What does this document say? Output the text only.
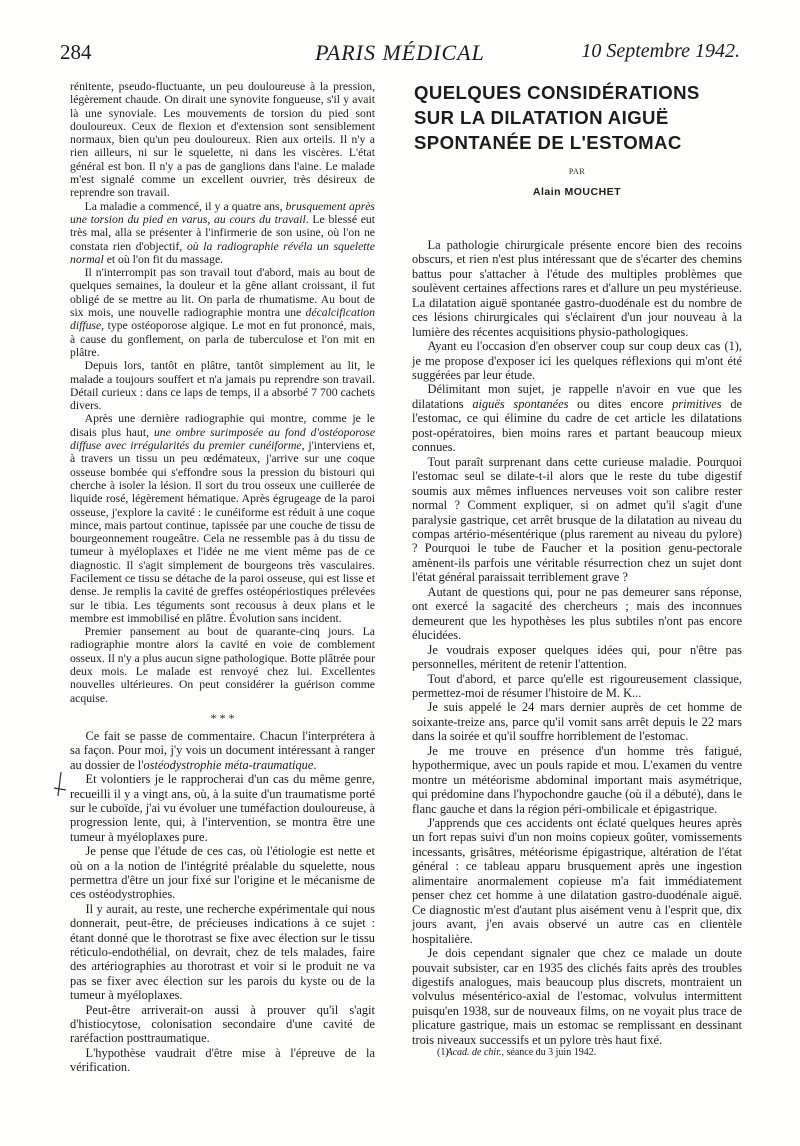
284	PARIS MÉDICAL	10 Septembre 1942.

rénitente, pseudo-fluctuante, un peu douloureuse à la pression, légèrement chaude. On dirait une synovite fongueuse, s'il y avait là une synoviale. Les mouvements de torsion du pied sont douloureux. Ceux de flexion et d'extension sont sensiblement normaux, bien qu'un peu douloureux. Rien aux orteils. Il n'y a rien ailleurs, ni sur le squelette, ni dans les viscères. L'état général est bon. Il n'y a pas de ganglions dans l'aine. Le malade m'est signalé comme un excellent ouvrier, très désireux de reprendre son travail.

La maladie a commencé, il y a quatre ans, brusquement après une torsion du pied en varus, au cours du travail. Le blessé eut très mal, alla se présenter à l'infirmerie de son usine, où l'on ne constata rien d'objectif, où la radiographie révéla un squelette normal et où l'on fit du massage.

Il n'interrompit pas son travail tout d'abord, mais au bout de quelques semaines, la douleur et la gêne allant croissant, il fut obligé de se mettre au lit. On parla de rhumatisme. Au bout de six mois, une nouvelle radiographie montra une décalcification diffuse, type ostéoporose algique. Le mot en fut prononcé, mais, à cause du gonflement, on parla de tuberculose et l'on mit en plâtre.

Depuis lors, tantôt en plâtre, tantôt simplement au lit, le malade a toujours souffert et n'a jamais pu reprendre son travail. Détail curieux : dans ce laps de temps, il a absorbé 7 700 cachets divers.

Après une dernière radiographie qui montre, comme je le disais plus haut, une ombre surimposée au fond d'ostéoporose diffuse avec irrégularités du premier cunéiforme, j'interviens et, à travers un tissu un peu œdémateux, j'arrive sur une coque osseuse bombée qui s'effondre sous la pression du bistouri qui cherche à isoler la lésion. Il sort du trou osseux une cuillerée de liquide rosé, légèrement hématique. Après égrugeage de la paroi osseuse, j'explore la cavité : le cunéiforme est réduit à une coque mince, mais partout continue, tapissée par une couche de tissu de bourgeonnement rougeâtre. Cela ne ressemble pas à du tissu de tumeur à myéloplaxes et l'idée ne me vient même pas de ce diagnostic. Il s'agit simplement de bourgeons très vasculaires. Facilement ce tissu se détache de la paroi osseuse, qui est lisse et dense. Je remplis la cavité de greffes ostéopériostiques prélevées sur le tibia. Les téguments sont recousus à deux plans et le membre est immobilisé en plâtre. Évolution sans incident.

Premier pansement au bout de quarante-cinq jours. La radiographie montre alors la cavité en voie de comblement osseux. Il n'y a plus aucun signe pathologique. Botte plâtrée pour deux mois. Le malade est renvoyé chez lui. Excellentes nouvelles ultérieures. On peut considérer la guérison comme acquise.

* * *

Ce fait se passe de commentaire. Chacun l'interprétera à sa façon. Pour moi, j'y vois un document intéressant à ranger au dossier de l'ostéodystrophie méta-traumatique.

Et volontiers je le rapprocherai d'un cas du même genre, recueilli il y a vingt ans, où, à la suite d'un traumatisme porté sur le cuboïde, j'ai vu évoluer une tuméfaction douloureuse, à progression lente, qui, à l'intervention, se montra être une tumeur à myéloplaxes pure.

Je pense que l'étude de ces cas, où l'étiologie est nette et où on a la notion de l'intégrité préalable du squelette, nous permettra d'être un jour fixé sur l'origine et le mécanisme de ces ostéodystrophies.

Il y aurait, au reste, une recherche expérimentale qui nous donnerait, peut-être, de précieuses indications à ce sujet : étant donné que le thorotrast se fixe avec élection sur le tissu réticulo-endothélial, on devrait, chez de tels malades, faire des artériographies au thorotrast et voir si le produit ne va pas se fixer avec élection sur les parois du kyste ou de la tumeur à myéloplaxes.

Peut-être arriverait-on aussi à prouver qu'il s'agit d'histiocytose, colonisation secondaire d'une cavité de raréfaction posttraumatique.

L'hypothèse vaudrait d'être mise à l'épreuve de la vérification.

QUELQUES CONSIDÉRATIONS SUR LA DILATATION AIGUË SPONTANÉE DE L'ESTOMAC
PAR
Alain MOUCHET

La pathologie chirurgicale présente encore bien des recoins obscurs, et rien n'est plus intéressant que de s'écarter des chemins battus pour s'attacher à l'étude des multiples problèmes que soulèvent certaines affections rares et d'allure un peu mystérieuse. La dilatation aiguë spontanée gastro-duodénale est du nombre de ces lésions chirurgicales qui s'éclairent d'un jour nouveau à la lumière des récentes acquisitions physio-pathologiques.

Ayant eu l'occasion d'en observer coup sur coup deux cas (1), je me propose d'exposer ici les quelques réflexions qui m'ont été suggérées par leur étude.

Délimitant mon sujet, je rappelle n'avoir en vue que les dilatations aiguës spontanées ou dites encore primitives de l'estomac, ce qui élimine du cadre de cet article les dilatations post-opératoires, bien moins rares et partant beaucoup mieux connues.

Tout paraît surprenant dans cette curieuse maladie. Pourquoi l'estomac seul se dilate-t-il alors que le reste du tube digestif soumis aux mêmes influences nerveuses voit son calibre rester normal ? Comment expliquer, si on admet qu'il s'agit d'une paralysie gastrique, cet arrêt brusque de la dilatation au niveau du compas artério-mésentérique (plus rarement au niveau du pylore) ? Pourquoi le tube de Faucher et la position genu-pectorale amènent-ils parfois une véritable résurrection chez un sujet dont l'état général paraissait terriblement grave ?

Autant de questions qui, pour ne pas demeurer sans réponse, ont exercé la sagacité des chercheurs ; mais des inconnues demeurent que les hypothèses les plus subtiles n'ont pas encore élucidées.

Je voudrais exposer quelques idées qui, pour n'être pas personnelles, méritent de retenir l'attention.

Tout d'abord, et parce qu'elle est rigoureusement classique, permettez-moi de résumer l'histoire de M. K...

Je suis appelé le 24 mars dernier auprès de cet homme de soixante-treize ans, parce qu'il vomit sans arrêt depuis le 22 mars dans la soirée et qu'il souffre horriblement de l'estomac.

Je me trouve en présence d'un homme très fatigué, hypothermique, avec un pouls rapide et mou. L'examen du ventre montre un météorisme abdominal important mais asymétrique, qui prédomine dans l'hypochondre gauche (où il a débuté), dans le flanc gauche et dans la région péri-ombilicale et épigastrique.

J'apprends que ces accidents ont éclaté quelques heures après un fort repas suivi d'un non moins copieux goûter, vomissements incessants, grisâtres, météorisme épigastrique, altération de l'état général : ce tableau apparu brusquement après une ingestion alimentaire anormalement copieuse m'a fait immédiatement penser chez cet homme à une dilatation gastro-duodénale aiguë. Ce diagnostic m'est d'autant plus aisément venu à l'esprit que, dix jours avant, j'en avais observé un autre cas en clientèle hospitalière.

Je dois cependant signaler que chez ce malade un doute pouvait subsister, car en 1935 des clichés faits après des troubles digestifs analogues, mais beaucoup plus discrets, montraient un volvulus mésentérico-axial de l'estomac, volvulus intermittent puisqu'en 1938, sur de nouveaux films, on ne voyait plus trace de plicature gastrique, mais un estomac se remplissant en dessinant trois niveaux successifs et un pylore très haut fixé.

(1)Acad. de chir., séance du 3 juin 1942.
